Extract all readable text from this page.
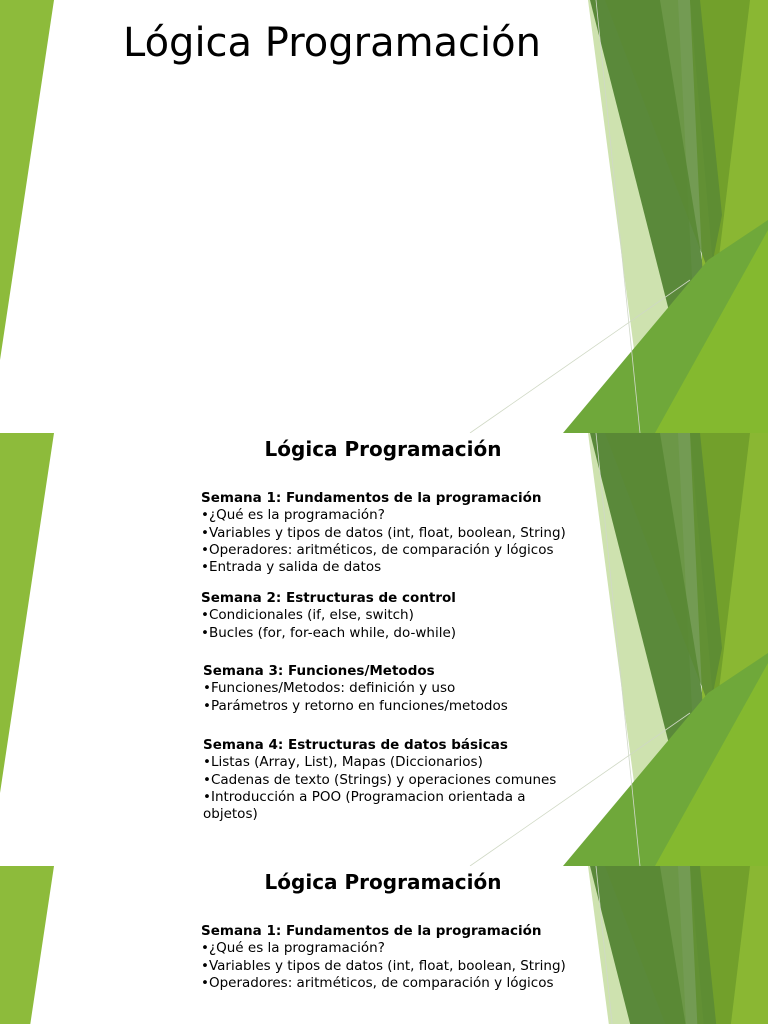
Lógica Programación
Lógica Programación
Semana 1: Fundamentos de la programación
•¿Qué es la programación?
•Variables y tipos de datos (int, float, boolean, String)
•Operadores: aritméticos, de comparación y lógicos
•Entrada y salida de datos
Semana 2: Estructuras de control
•Condicionales (if, else, switch)
•Bucles (for, for-each while, do-while)
Semana 3: Funciones/Metodos
•Funciones/Metodos: definición y uso
•Parámetros y retorno en funciones/metodos
Semana 4: Estructuras de datos básicas
•Listas (Array, List), Mapas (Diccionarios)
•Cadenas de texto (Strings) y operaciones comunes
•Introducción a POO (Programacion orientada a objetos)
Lógica Programación
Semana 1: Fundamentos de la programación
•¿Qué es la programación?
•Variables y tipos de datos (int, float, boolean, String)
•Operadores: aritméticos, de comparación y lógicos
